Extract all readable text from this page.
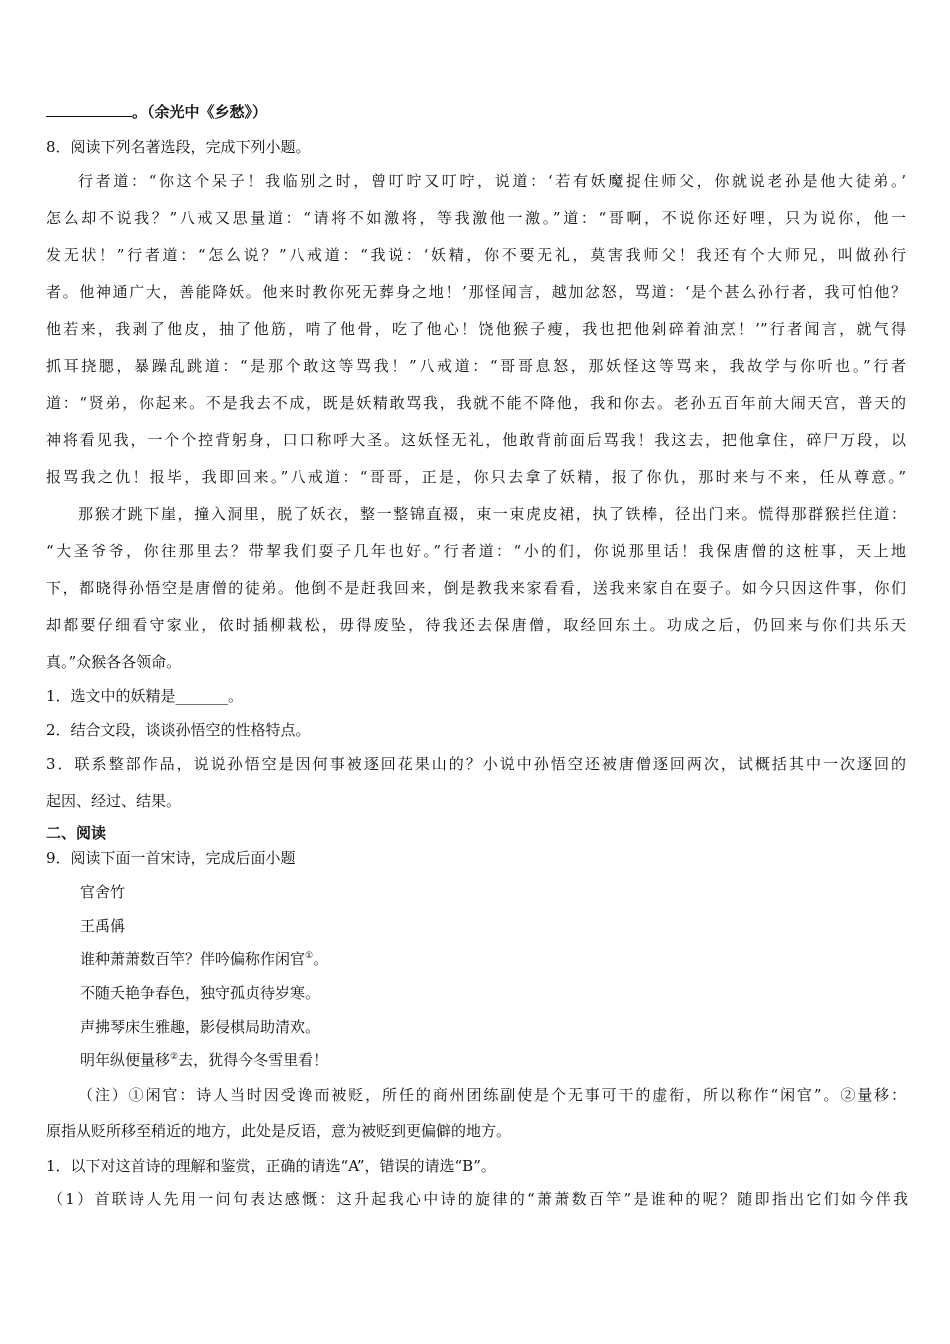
。（余光中《乡愁》）
8．阅读下列名著选段，完成下列小题。
行者道：“你这个呆子！我临别之时，曾叮咛又叮咛，说道：‘若有妖魔捉住师父，你就说老孙是他大徒弟。’
怎么却不说我？”八戒又思量道：“请将不如激将，等我激他一激。”道：“哥啊，不说你还好哩，只为说你，他一
发无状！”行者道：“怎么说？”八戒道：“我说：‘妖精，你不要无礼，莫害我师父！我还有个大师兄，叫做孙行
者。他神通广大，善能降妖。他来时教你死无葬身之地！’那怪闻言，越加忿怒，骂道：‘是个甚么孙行者，我可怕他？
他若来，我剥了他皮，抽了他筋，啃了他骨，吃了他心！饶他猴子瘦，我也把他剁碎着油烹！’”行者闻言，就气得
抓耳挠腮，暴躁乱跳道：“是那个敢这等骂我！”八戒道：“哥哥息怒，那妖怪这等骂来，我故学与你听也。”行者
道：“贤弟，你起来。不是我去不成，既是妖精敢骂我，我就不能不降他，我和你去。老孙五百年前大闹天宫，普天的
神将看见我，一个个控背躬身，口口称呼大圣。这妖怪无礼，他敢背前面后骂我！我这去，把他拿住，碎尸万段，以
报骂我之仇！报毕，我即回来。”八戒道：“哥哥，正是，你只去拿了妖精，报了你仇，那时来与不来，任从尊意。”
那猴才跳下崖，撞入洞里，脱了妖衣，整一整锦直裰，束一束虎皮裙，执了铁棒，径出门来。慌得那群猴拦住道：
“大圣爷爷，你往那里去？带挈我们耍子几年也好。”行者道：“小的们，你说那里话！我保唐僧的这桩事，天上地
下，都晓得孙悟空是唐僧的徒弟。他倒不是赶我回来，倒是教我来家看看，送我来家自在耍子。如今只因这件事，你们
却都要仔细看守家业，依时插柳栽松，毋得废坠，待我还去保唐僧，取经回东土。功成之后，仍回来与你们共乐天
真。”众猴各各领命。
1．选文中的妖精是_______。
2．结合文段，谈谈孙悟空的性格特点。
3．联系整部作品，说说孙悟空是因何事被逐回花果山的？小说中孙悟空还被唐僧逐回两次，试概括其中一次逐回的
起因、经过、结果。
二、阅读
9．阅读下面一首宋诗，完成后面小题
官舍竹
王禹偁
谁种萧萧数百竿？伴吟偏称作闲官①。
不随夭艳争春色，独守孤贞待岁寒。
声拂琴床生雅趣，影侵棋局助清欢。
明年纵便量移②去，犹得今冬雪里看！
（注）①闲官：诗人当时因受谗而被贬，所任的商州团练副使是个无事可干的虚衔，所以称作“闲官”。②量移：
原指从贬所移至稍近的地方，此处是反语，意为被贬到更偏僻的地方。
1．以下对这首诗的理解和鉴赏，正确的请选“A”，错误的请选“B”。
（1）首联诗人先用一问句表达感慨：这升起我心中诗的旋律的“萧萧数百竿”是谁种的呢？随即指出它们如今伴我
